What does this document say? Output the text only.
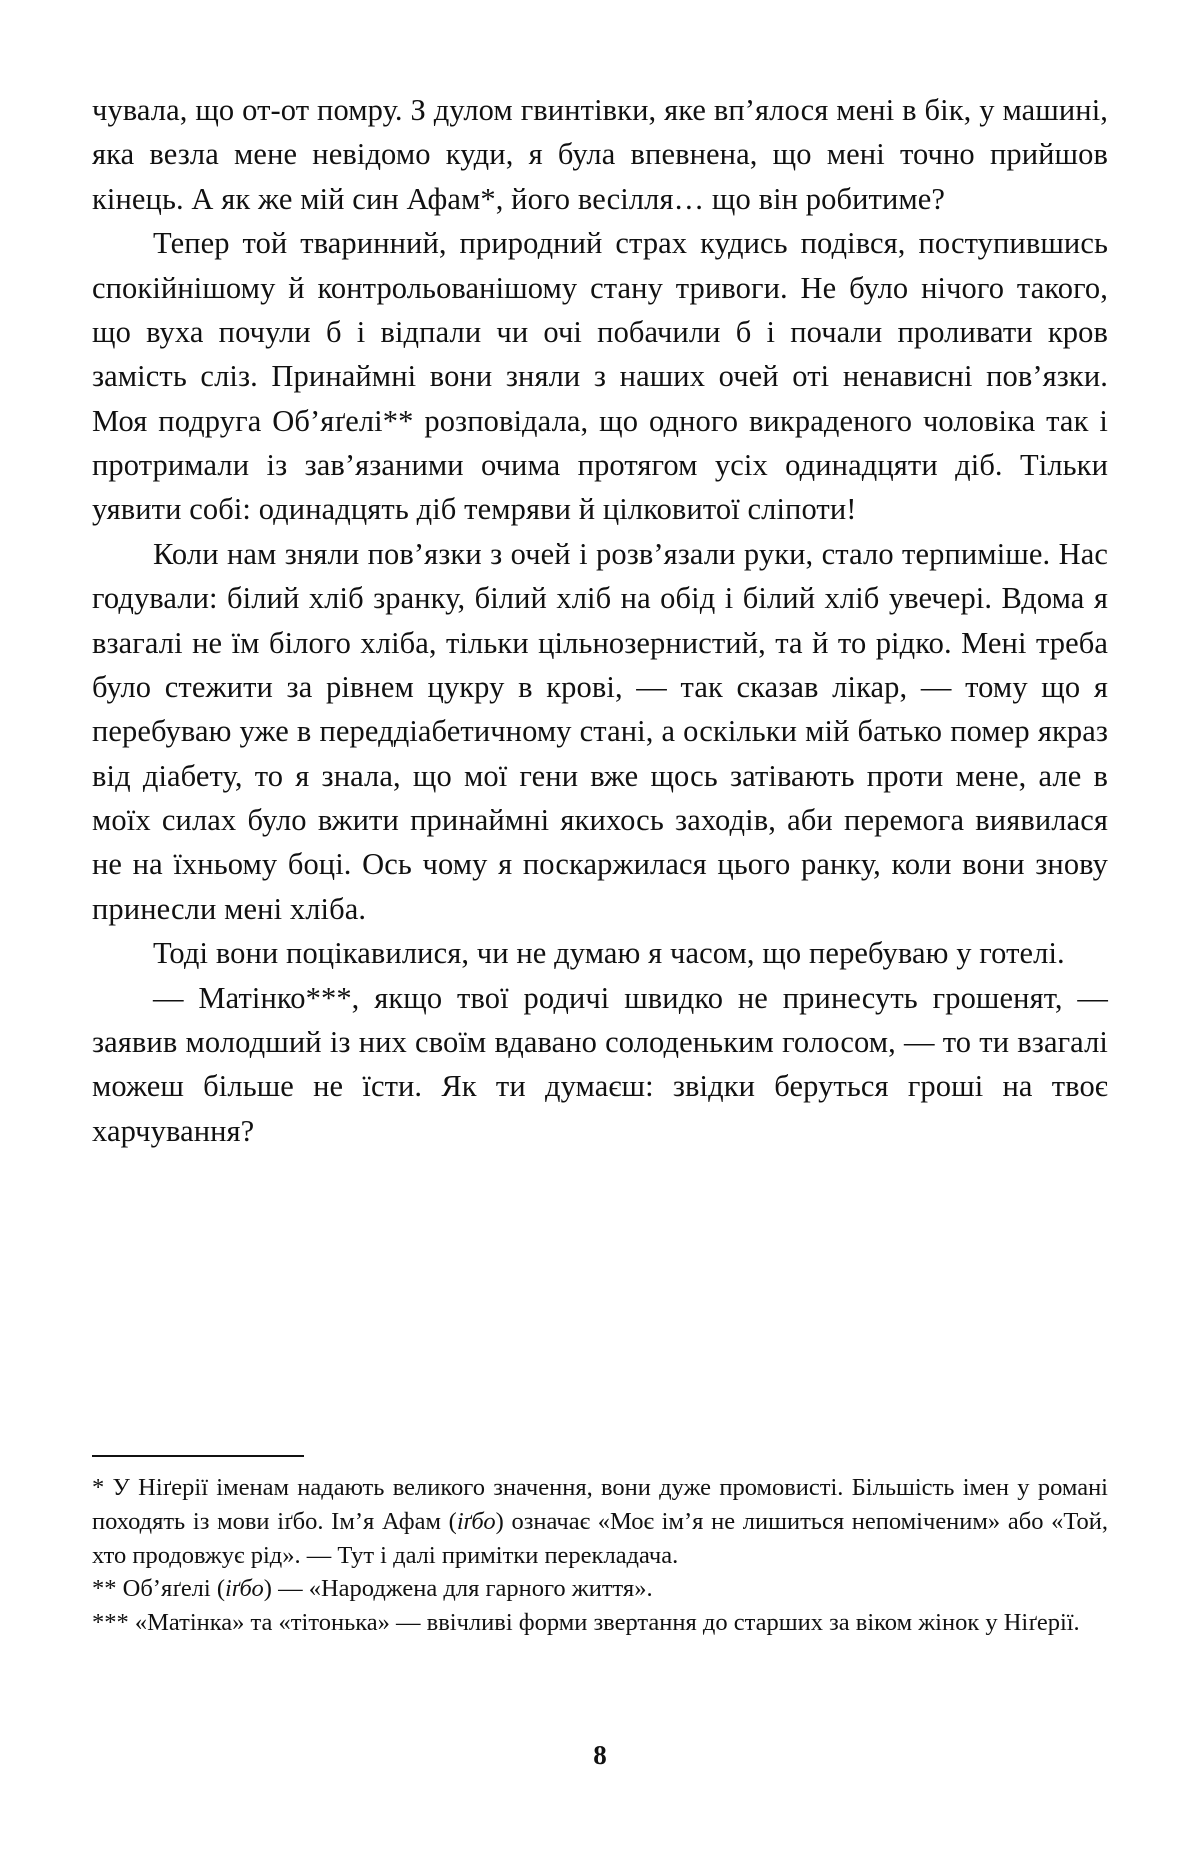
чувала, що от-от помру. З дулом гвинтівки, яке вп’ялося мені в бік, у машині, яка везла мене невідомо куди, я була впевнена, що мені точно прийшов кінець. А як же мій син Афам*, його весілля… що він робитиме?

Тепер той тваринний, природний страх кудись подівся, поступившись спокійнішому й контрольованішому стану тривоги. Не було нічого такого, що вуха почули б і відпали чи очі побачили б і почали проливати кров замість сліз. Принаймні вони зняли з наших очей оті ненависні пов’язки. Моя подруга Об’яґелі** розповідала, що одного викраденого чоловіка так і протримали із зав’язаними очима протягом усіх одинадцяти діб. Тільки уявити собі: одинадцять діб темряви й цілковитої сліпоти!

Коли нам зняли пов’язки з очей і розв’язали руки, стало терпиміше. Нас годували: білий хліб зранку, білий хліб на обід і білий хліб увечері. Вдома я взагалі не їм білого хліба, тільки цільнозернистий, та й то рідко. Мені треба було стежити за рівнем цукру в крові, — так сказав лікар, — тому що я перебуваю уже в переддіабетичному стані, а оскільки мій батько помер якраз від діабету, то я знала, що мої гени вже щось затівають проти мене, але в моїх силах було вжити принаймні якихось заходів, аби перемога виявилася не на їхньому боці. Ось чому я поскаржилася цього ранку, коли вони знову принесли мені хліба.

Тоді вони поцікавилися, чи не думаю я часом, що перебуваю у готелі.

— Матінко***, якщо твої родичі швидко не принесуть грошенят, — заявив молодший із них своїм вдавано солоденьким голосом, — то ти взагалі можеш більше не їсти. Як ти думаєш: звідки беруться гроші на твоє харчування?

* У Ніґерії іменам надають великого значення, вони дуже промовисті. Більшість імен у романі походять із мови іґбо. Ім’я Афам (іґбо) означає «Моє ім’я не лишиться непоміченим» або «Той, хто продовжує рід». — Тут і далі примітки перекладача.

** Об’яґелі (іґбо) — «Народжена для гарного життя».

*** «Матінка» та «тітонька» — ввічливі форми звертання до старших за віком жінок у Ніґерії.

8
